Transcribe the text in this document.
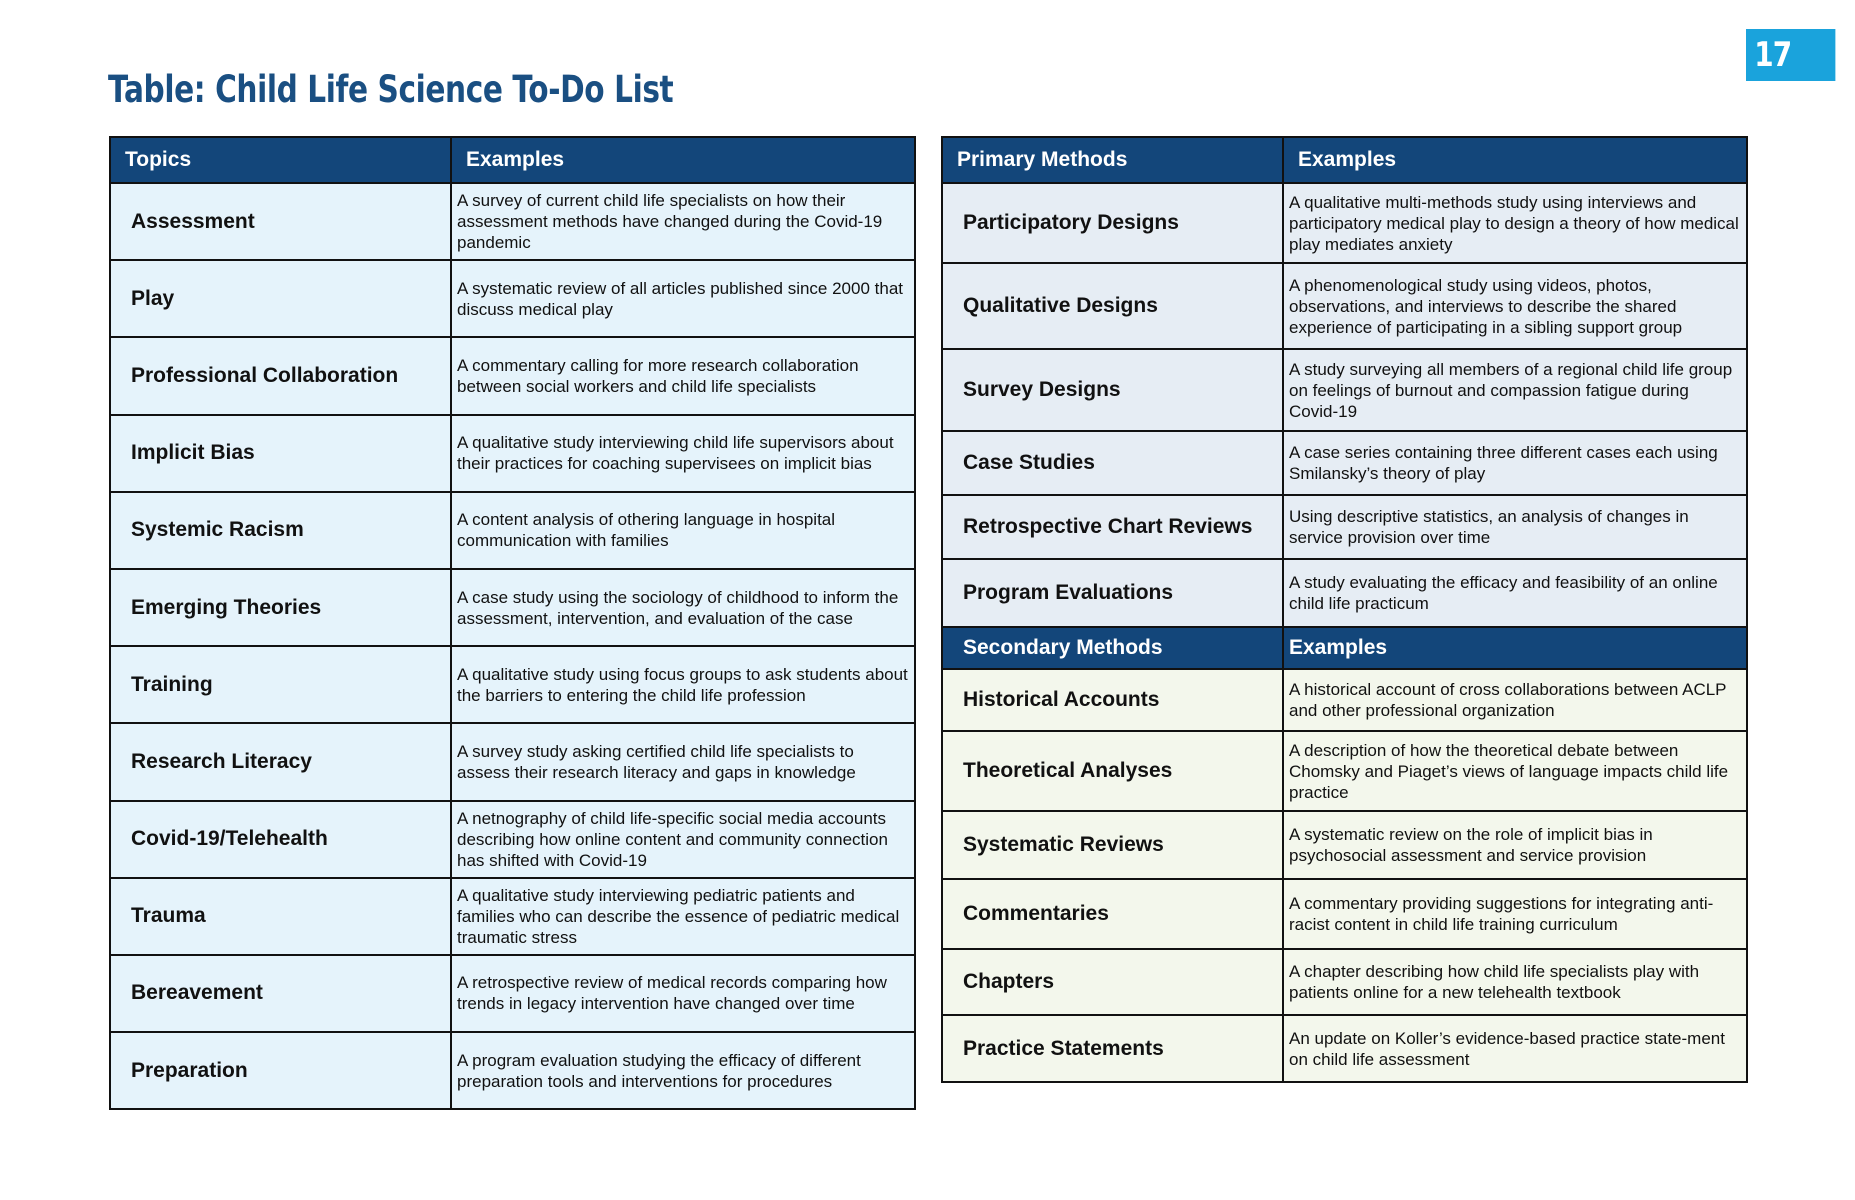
17
Table: Child Life Science To-Do List
Topics	Examples
Assessment	A survey of current child life specialists on how their assessment methods have changed during the Covid-19 pandemic
Play	A systematic review of all articles published since 2000 that discuss medical play
Professional Collaboration	A commentary calling for more research collaboration between social workers and child life specialists
Implicit Bias	A qualitative study interviewing child life supervisors about their practices for coaching supervisees on implicit bias
Systemic Racism	A content analysis of othering language in hospital communication with families
Emerging Theories	A case study using the sociology of childhood to inform the assessment, intervention, and evaluation of the case
Training	A qualitative study using focus groups to ask students about the barriers to entering the child life profession
Research Literacy	A survey study asking certified child life specialists to assess their research literacy and gaps in knowledge
Covid-19/Telehealth	A netnography of child life-specific social media accounts describing how online content and community connection has shifted with Covid-19
Trauma	A qualitative study interviewing pediatric patients and families who can describe the essence of pediatric medical traumatic stress
Bereavement	A retrospective review of medical records comparing how trends in legacy intervention have changed over time
Preparation	A program evaluation studying the efficacy of different preparation tools and interventions for procedures
Primary Methods	Examples
Participatory Designs	A qualitative multi-methods study using interviews and participatory medical play to design a theory of how medical play mediates anxiety
Qualitative Designs	A phenomenological study using videos, photos, observations, and interviews to describe the shared experience of participating in a sibling support group
Survey Designs	A study surveying all members of a regional child life group on feelings of burnout and compassion fatigue during Covid-19
Case Studies	A case series containing three different cases each using Smilansky’s theory of play
Retrospective Chart Reviews	Using descriptive statistics, an analysis of changes in service provision over time
Program Evaluations	A study evaluating the efficacy and feasibility of an online child life practicum
Secondary Methods	Examples
Historical Accounts	A historical account of cross collaborations between ACLP and other professional organization
Theoretical Analyses	A description of how the theoretical debate between Chomsky and Piaget’s views of language impacts child life practice
Systematic Reviews	A systematic review on the role of implicit bias in psychosocial assessment and service provision
Commentaries	A commentary providing suggestions for integrating anti-racist content in child life training curriculum
Chapters	A chapter describing how child life specialists play with patients online for a new telehealth textbook
Practice Statements	An update on Koller’s evidence-based practice state-ment on child life assessment
